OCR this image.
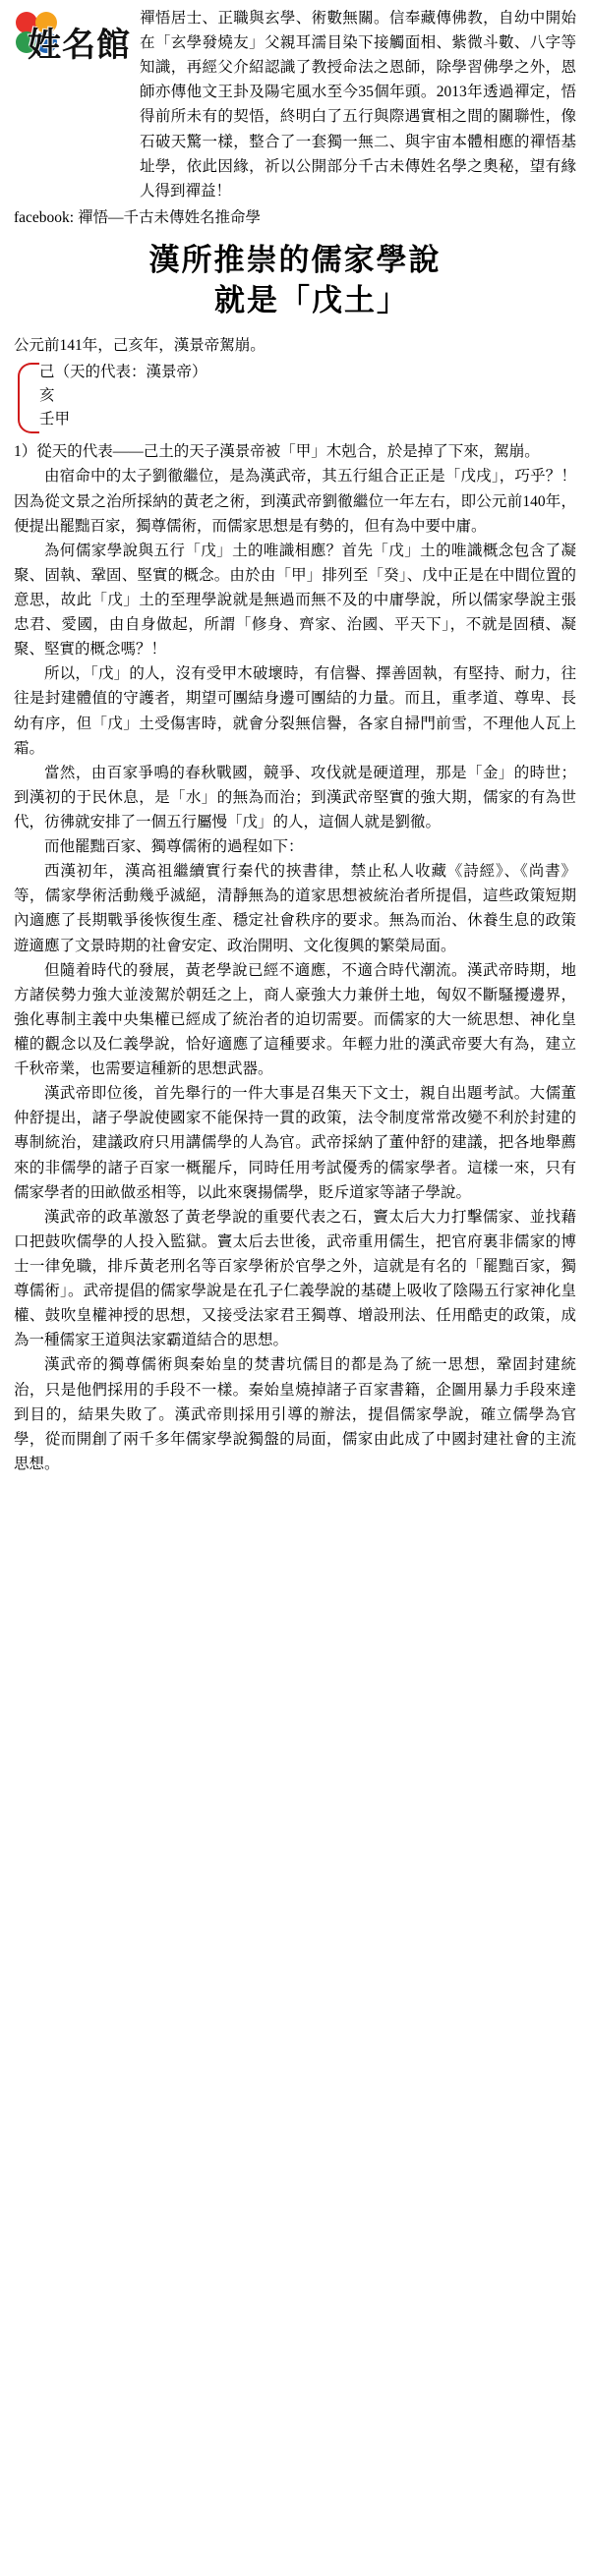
姓名館
禪悟居士、正職與玄學、術數無關。信奉藏傳佛教，自幼中開始在「玄學發燒友」父親耳濡目染下接觸面相、紫微斗數、八字等知識，再經父介紹認識了教授命法之恩師，除學習佛學之外，恩師亦傳他文王卦及陽宅風水至今35個年頭。2013年透過禪定，悟得前所未有的契悟，終明白了五行與際遇實相之間的關聯性，像石破天驚一樣，整合了一套獨一無二、與宇宙本體相應的禪悟基址學，依此因緣，祈以公開部分千古未傳姓名學之奧秘，望有緣人得到禪益！
facebook: 禪悟—千古未傳姓名推命學
漢所推崇的儒家學說
就是「戊土」
公元前141年，己亥年，漢景帝駕崩。
己（天的代表：漢景帝）
亥
壬甲

1）從天的代表——己土的天子漢景帝被「甲」木剋合，於是掉了下來，駕崩。

由宿命中的太子劉徹繼位，是為漢武帝，其五行組合正正是「戊戌」，巧乎？！因為從文景之治所採納的黃老之術，到漢武帝劉徹繼位一年左右，即公元前140年，便提出罷黜百家，獨尊儒術，而儒家思想是有勢的，但有為中要中庸。

為何儒家學說與五行「戊」土的唯識相應？首先「戊」土的唯識概念包含了凝聚、固執、鞏固、堅實的概念。由於由「甲」排列至「癸」、戊中正是在中間位置的意思，故此「戊」土的至理學說就是無過而無不及的中庸學說，所以儒家學說主張忠君、愛國，由自身做起，所謂「修身、齊家、治國、平天下」，不就是固積、凝聚、堅實的概念嗎？！

所以，「戊」的人，沒有受甲木破壞時，有信譽、擇善固執，有堅持、耐力，往往是封建體值的守護者，期望可團結身邊可團結的力量。而且，重孝道、尊卑、長幼有序，但「戊」土受傷害時，就會分裂無信譽，各家自掃門前雪，不理他人瓦上霜。

當然，由百家爭鳴的春秋戰國，競爭、攻伐就是硬道理，那是「金」的時世；到漢初的于民休息，是「水」的無為而治；到漢武帝堅實的強大期，儒家的有為世代，彷彿就安排了一個五行屬慢「戊」的人，這個人就是劉徹。

而他罷黜百家、獨尊儒術的過程如下：

西漢初年，漢高祖繼續實行秦代的挾書律，禁止私人收藏《詩經》、《尚書》等，儒家學術活動幾乎滅絕，清靜無為的道家思想被統治者所提倡，這些政策短期內適應了長期戰爭後恢復生產、穩定社會秩序的要求。無為而治、休養生息的政策遊適應了文景時期的社會安定、政治開明、文化復興的繁榮局面。

但隨着時代的發展，黃老學說已經不適應，不適合時代潮流。漢武帝時期，地方諸侯勢力強大並淩駕於朝廷之上，商人豪強大力兼併土地，匈奴不斷騷擾邊界，強化專制主義中央集權已經成了統治者的迫切需要。而儒家的大一統思想、神化皇權的觀念以及仁義學說，恰好適應了這種要求。年輕力壯的漢武帝要大有為，建立千秋帝業，也需要這種新的思想武器。

漢武帝即位後，首先舉行的一件大事是召集天下文士，親自出題考試。大儒董仲舒提出，諸子學說使國家不能保持一貫的政策，法令制度常常改變不利於封建的專制統治，建議政府只用講儒學的人為官。武帝採納了董仲舒的建議，把各地舉薦來的非儒學的諸子百家一概罷斥，同時任用考試優秀的儒家學者。這樣一來，只有儒家學者的田畝做丞相等，以此來襃揚儒學，貶斥道家等諸子學說。

漢武帝的政革激怒了黃老學說的重要代表之石，竇太后大力打擊儒家、並找藉口把鼓吹儒學的人投入監獄。竇太后去世後，武帝重用儒生，把官府裏非儒家的博士一律免職，排斥黃老刑名等百家學術於官學之外，這就是有名的「罷黜百家，獨尊儒術」。武帝提倡的儒家學說是在孔子仁義學說的基礎上吸收了陰陽五行家神化皇權、鼓吹皇權神授的思想，又接受法家君王獨尊、增設刑法、任用酷吏的政策，成為一種儒家王道與法家霸道結合的思想。

漢武帝的獨尊儒術與秦始皇的焚書坑儒目的都是為了統一思想，鞏固封建統治，只是他們採用的手段不一樣。秦始皇燒掉諸子百家書籍，企圖用暴力手段來達到目的，結果失敗了。漢武帝則採用引導的辦法，提倡儒家學說，確立儒學為官學，從而開創了兩千多年儒家學說獨盤的局面，儒家由此成了中國封建社會的主流思想。
